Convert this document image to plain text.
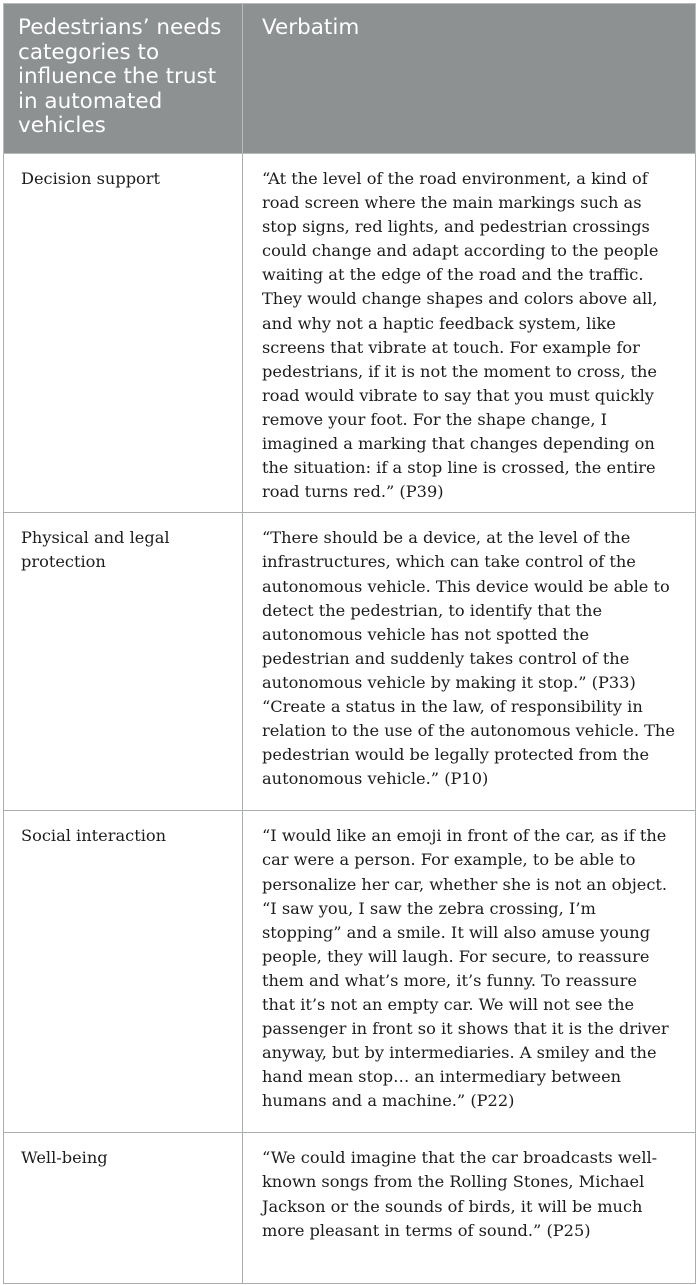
Pedestrians’ needs categories to influence the trust in automated vehicles	Verbatim
Decision support	“At the level of the road environment, a kind of road screen where the main markings such as stop signs, red lights, and pedestrian crossings could change and adapt according to the people waiting at the edge of the road and the traffic. They would change shapes and colors above all, and why not a haptic feedback system, like screens that vibrate at touch. For example for pedestrians, if it is not the moment to cross, the road would vibrate to say that you must quickly remove your foot. For the shape change, I imagined a marking that changes depending on the situation: if a stop line is crossed, the entire road turns red.” (P39)
Physical and legal protection	“There should be a device, at the level of the infrastructures, which can take control of the autonomous vehicle. This device would be able to detect the pedestrian, to identify that the autonomous vehicle has not spotted the pedestrian and suddenly takes control of the autonomous vehicle by making it stop.” (P33) “Create a status in the law, of responsibility in relation to the use of the autonomous vehicle. The pedestrian would be legally protected from the autonomous vehicle.” (P10)
Social interaction	“I would like an emoji in front of the car, as if the car were a person. For example, to be able to personalize her car, whether she is not an object. “I saw you, I saw the zebra crossing, I’m stopping” and a smile. It will also amuse young people, they will laugh. For secure, to reassure them and what’s more, it’s funny. To reassure that it’s not an empty car. We will not see the passenger in front so it shows that it is the driver anyway, but by intermediaries. A smiley and the hand mean stop… an intermediary between humans and a machine.” (P22)
Well-being	“We could imagine that the car broadcasts well-known songs from the Rolling Stones, Michael Jackson or the sounds of birds, it will be much more pleasant in terms of sound.” (P25)
